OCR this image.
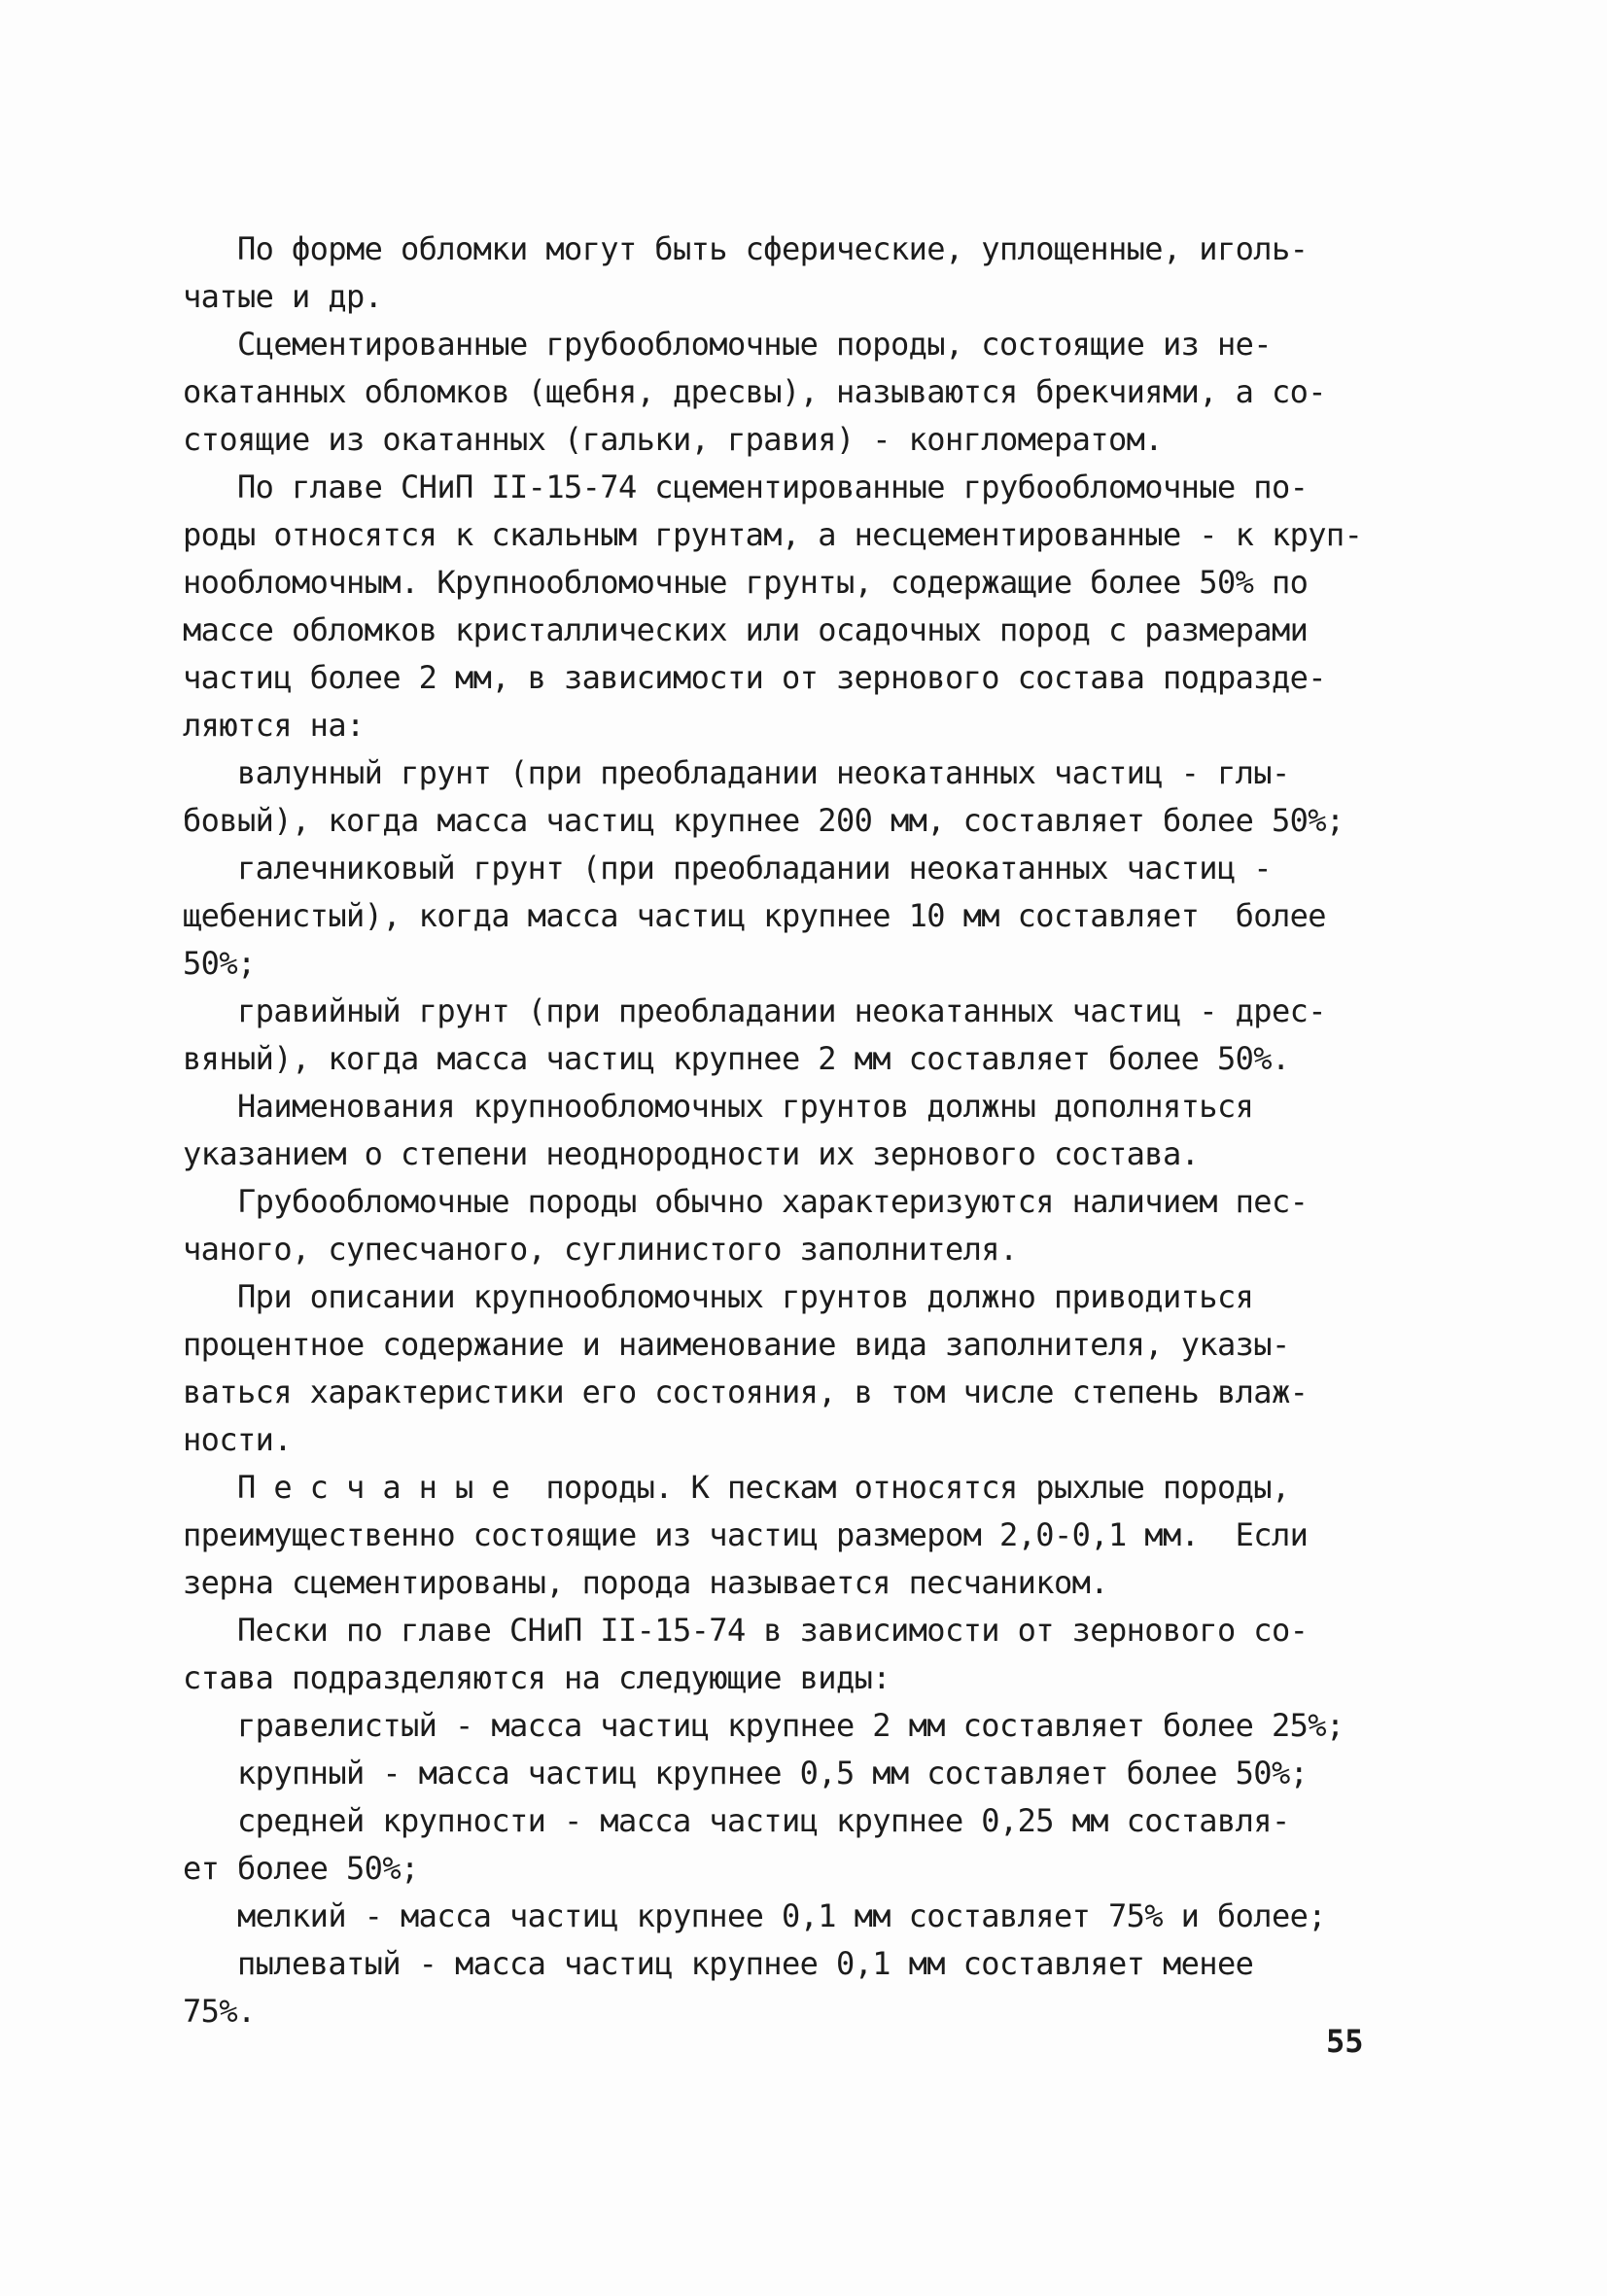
По форме обломки могут быть сферические, уплощенные, иголь-
чатые и др.
Сцементированные грубообломочные породы, состоящие из не-
окатанных обломков (щебня, дресвы), называются брекчиями, а со-
стоящие из окатанных (гальки, гравия) - конгломератом.
По главе СНиП II-15-74 сцементированные грубообломочные по-
роды относятся к скальным грунтам, а несцементированные - к круп-
нообломочным. Крупнообломочные грунты, содержащие более 50% по
массе обломков кристаллических или осадочных пород с размерами
частиц более 2 мм, в зависимости от зернового состава подразде-
ляются на:
валунный грунт (при преобладании неокатанных частиц - глы-
бовый), когда масса частиц крупнее 200 мм, составляет более 50%;
галечниковый грунт (при преобладании неокатанных частиц -
щебенистый), когда масса частиц крупнее 10 мм составляет  более
50%;
гравийный грунт (при преобладании неокатанных частиц - дрес-
вяный), когда масса частиц крупнее 2 мм составляет более 50%.
Наименования крупнообломочных грунтов должны дополняться
указанием о степени неоднородности их зернового состава.
Грубообломочные породы обычно характеризуются наличием пес-
чаного, супесчаного, суглинистого заполнителя.
При описании крупнообломочных грунтов должно приводиться
процентное содержание и наименование вида заполнителя, указы-
ваться характеристики его состояния, в том числе степень влаж-
ности.
П е с ч а н ы е  породы. К пескам относятся рыхлые породы,
преимущественно состоящие из частиц размером 2,0-0,1 мм.  Если
зерна сцементированы, порода называется песчаником.
Пески по главе СНиП II-15-74 в зависимости от зернового со-
става подразделяются на следующие виды:
гравелистый - масса частиц крупнее 2 мм составляет более 25%;
крупный - масса частиц крупнее 0,5 мм составляет более 50%;
средней крупности - масса частиц крупнее 0,25 мм составля-
ет более 50%;
мелкий - масса частиц крупнее 0,1 мм составляет 75% и более;
пылеватый - масса частиц крупнее 0,1 мм составляет менее
75%.
55
